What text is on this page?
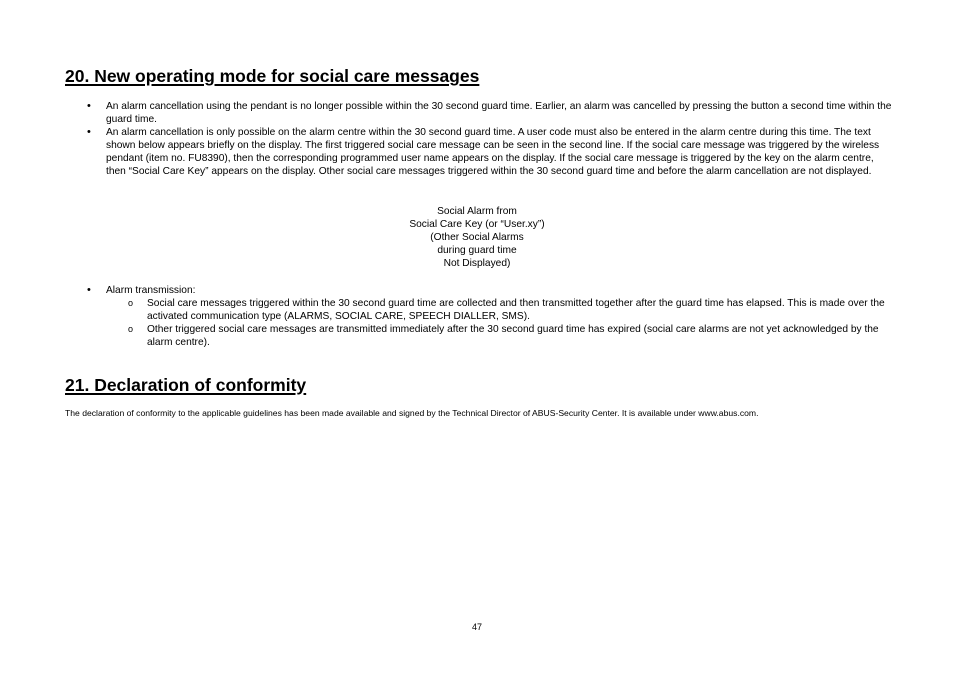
20. New operating mode for social care messages
• An alarm cancellation using the pendant is no longer possible within the 30 second guard time. Earlier, an alarm was cancelled by pressing the button a second time within the guard time.
• An alarm cancellation is only possible on the alarm centre within the 30 second guard time. A user code must also be entered in the alarm centre during this time. The text shown below appears briefly on the display. The first triggered social care message can be seen in the second line. If the social care message was triggered by the wireless pendant (item no. FU8390), then the corresponding programmed user name appears on the display. If the social care message is triggered by the key on the alarm centre, then “Social Care Key” appears on the display. Other social care messages triggered within the 30 second guard time and before the alarm cancellation are not displayed.
Social Alarm from
Social Care Key (or “User.xy”)
(Other Social Alarms
during guard time
Not Displayed)
• Alarm transmission:
o Social care messages triggered within the 30 second guard time are collected and then transmitted together after the guard time has elapsed. This is made over the activated communication type (ALARMS, SOCIAL CARE, SPEECH DIALLER, SMS).
o Other triggered social care messages are transmitted immediately after the 30 second guard time has expired (social care alarms are not yet acknowledged by the alarm centre).
21. Declaration of conformity

The declaration of conformity to the applicable guidelines has been made available and signed by the Technical Director of ABUS-Security Center. It is available under www.abus.com.

47
